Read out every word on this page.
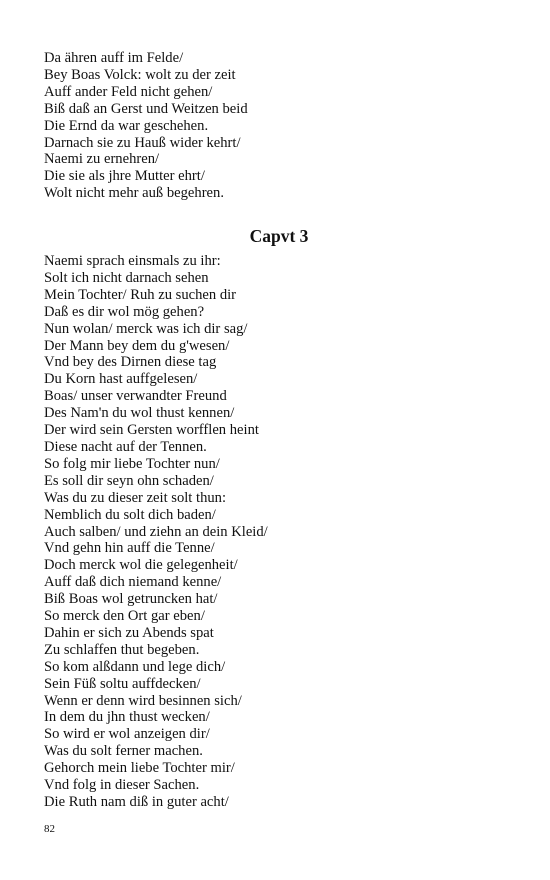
Da ähren auff im Felde/
Bey Boas Volck: wolt zu der zeit
Auff ander Feld nicht gehen/
Biß daß an Gerst und Weitzen beid
Die Ernd da war geschehen.
Darnach sie zu Hauß wider kehrt/
Naemi zu ernehren/
Die sie als jhre Mutter ehrt/
Wolt nicht mehr auß begehren.
Capvt 3
Naemi sprach einsmals zu ihr:
Solt ich nicht darnach sehen
Mein Tochter/ Ruh zu suchen dir
Daß es dir wol mög gehen?
Nun wolan/ merck was ich dir sag/
Der Mann bey dem du g'wesen/
Vnd bey des Dirnen diese tag
Du Korn hast auffgelesen/
Boas/ unser verwandter Freund
Des Nam'n du wol thust kennen/
Der wird sein Gersten worfflen heint
Diese nacht auf der Tennen.
So folg mir liebe Tochter nun/
Es soll dir seyn ohn schaden/
Was du zu dieser zeit solt thun:
Nemblich du solt dich baden/
Auch salben/ und ziehn an dein Kleid/
Vnd gehn hin auff die Tenne/
Doch merck wol die gelegenheit/
Auff daß dich niemand kenne/
Biß Boas wol getruncken hat/
So merck den Ort gar eben/
Dahin er sich zu Abends spat
Zu schlaffen thut begeben.
So kom alßdann und lege dich/
Sein Füß soltu auffdecken/
Wenn er denn wird besinnen sich/
In dem du jhn thust wecken/
So wird er wol anzeigen dir/
Was du solt ferner machen.
Gehorch mein liebe Tochter mir/
Vnd folg in dieser Sachen.
Die Ruth nam diß in guter acht/
82
